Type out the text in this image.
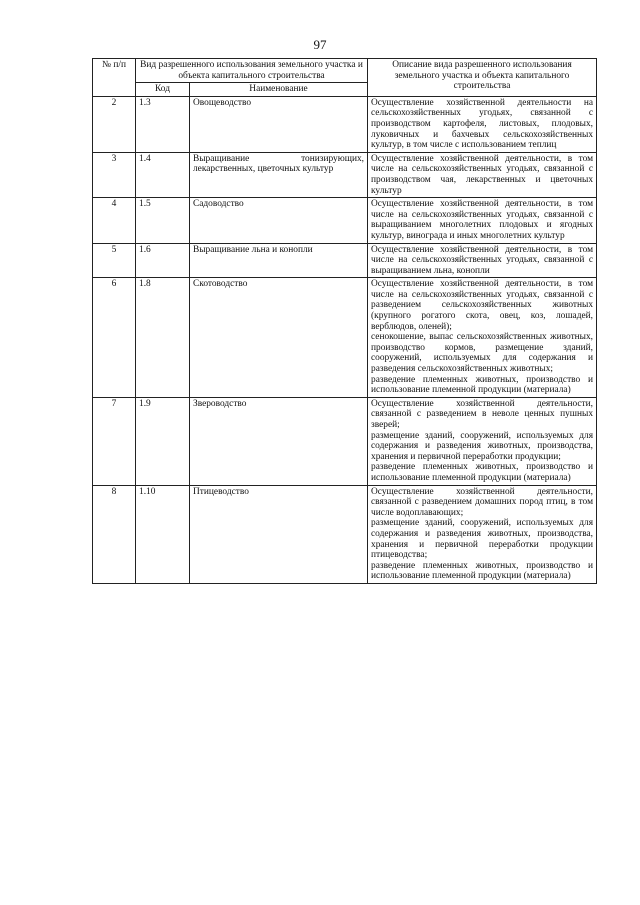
97
№ п/п	Вид разрешенного использования земельного участка и объекта капитального строительства		Описание вида разрешенного использования земельного участка и объекта капитального строительства
	Код	Наименование	
2	1.3	Овощеводство	Осуществление хозяйственной деятельности на сельскохозяйственных угодьях, связанной с производством картофеля, листовых, плодовых, луковичных и бахчевых сельскохозяйственных культур, в том числе с использованием теплиц

3	1.4	Выращивание тонизирующих, лекарственных, цветочных культур	Осуществление хозяйственной деятельности, в том числе на сельскохозяйственных угодьях, связанной с производством чая, лекарственных и цветочных культур

4	1.5	Садоводство	Осуществление хозяйственной деятельности, в том числе на сельскохозяйственных угодьях, связанной с выращиванием многолетних плодовых и ягодных культур, винограда и иных многолетних культур

5	1.6	Выращивание льна и конопли	Осуществление хозяйственной деятельности, в том числе на сельскохозяйственных угодьях, связанной с выращиванием льна, конопли

6	1.8	Скотоводство	Осуществление хозяйственной деятельности, в том числе на сельскохозяйственных угодьях, связанной с разведением сельскохозяйственных животных (крупного рогатого скота, овец, коз, лошадей, верблюдов, оленей);

сенокошение, выпас сельскохозяйственных животных, производство кормов, размещение зданий, сооружений, используемых для содержания и разведения сельскохозяйственных животных;

разведение племенных животных, производство и использование племенной продукции (материала)

7	1.9	Звероводство	Осуществление хозяйственной деятельности, связанной с разведением в неволе ценных пушных зверей;

размещение зданий, сооружений, используемых для содержания и разведения животных, производства, хранения и первичной переработки продукции;

разведение племенных животных, производство и использование племенной продукции (материала)

8	1.10	Птицеводство	Осуществление хозяйственной деятельности, связанной с разведением домашних пород птиц, в том числе водоплавающих;

размещение зданий, сооружений, используемых для содержания и разведения животных, производства, хранения и первичной переработки продукции птицеводства;

разведение племенных животных, производство и использование племенной продукции (материала)
